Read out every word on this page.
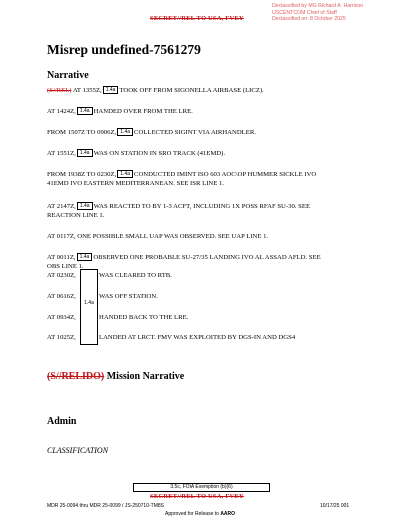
SECRET//REL TO USA, FVEY
Declassified by MG Richard A. Harrison
USCENTCOM Chief of Staff
Declassified on: 8 October 2025
Misrep undefined-7561279
Narrative
(S//REL) AT 1355Z, 1.4a TOOK OFF FROM SIGONELLA AIRBASE (LICZ).
AT 1424Z, 1.4a HANDED OVER FROM THE LRE.
FROM 1507Z TO 0906Z, 1.4a COLLECTED SIGINT VIA AIRHANDLER.
AT 1551Z, 1.4a WAS ON STATION IN SRO TRACK (41EMD).
FROM 1938Z TO 0230Z, 1.4a CONDUCTED IMINT ISO 603 AOC\OP HUMMER SICKLE IVO
41EMD IVO EASTERN MEDITERRANEAN. SEE ISR LINE 1.
AT 2147Z, 1.4a WAS REACTED TO BY 1-3 ACFT, INCLUDING 1X POSS RFAF SU-30. SEE
REACTION LINE 1.
AT 0117Z, ONE POSSIBLE SMALL UAP WAS OBSERVED. SEE UAP LINE 1.
AT 0011Z, 1.4a OBSERVED ONE PROBABLE SU-27/35 LANDING IVO AL ASSAD AFLD. SEE
OBS LINE 1.
1.4a
AT 0230Z,	WAS CLEARED TO RTB.
AT 0616Z,	WAS OFF STATION.
AT 0934Z,	HANDED BACK TO THE LRE.
AT 1025Z,	LANDED AT LRCT. FMV WAS EXPLOITED BY DGS-IN AND DGS4
(S//RELIDO) Mission Narrative
Admin
CLASSIFICATION
3.5c, FOIA Exemption (b)(6)
SECRET//REL TO USA, FVEY
MDR 25-0094 thru MDR 25-0099 / JS-250710-TM8S	10/17/25 001
Approved for Release to AARO
